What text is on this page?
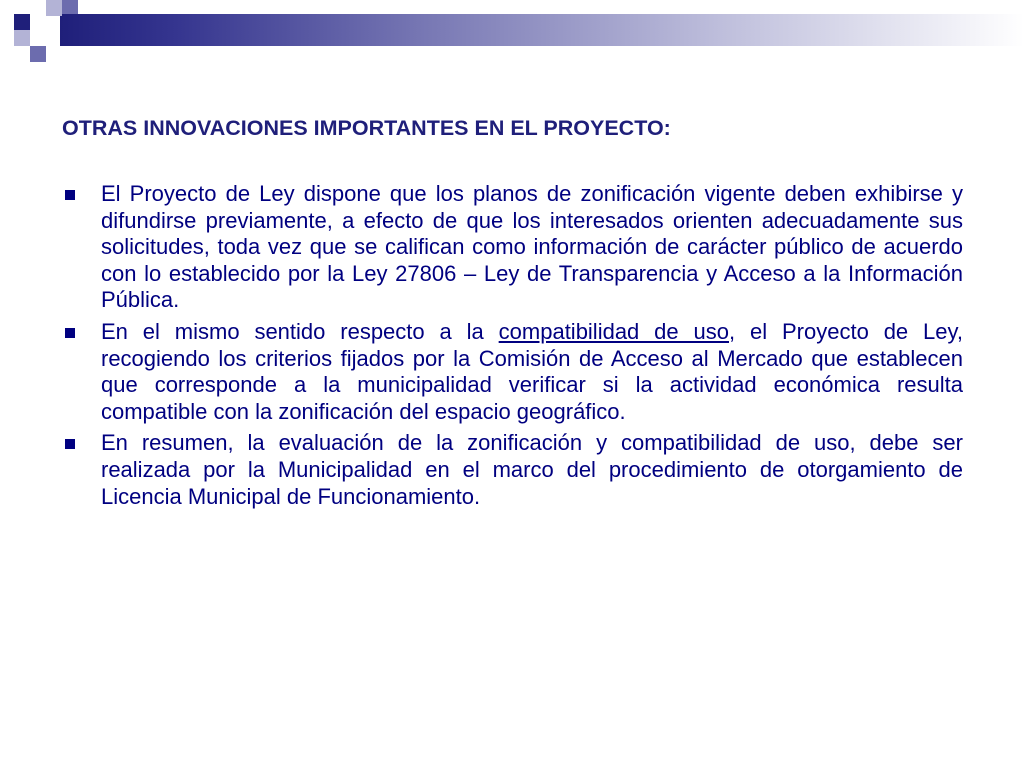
OTRAS INNOVACIONES IMPORTANTES EN EL PROYECTO:
El Proyecto de Ley dispone que los planos de zonificación vigente deben exhibirse y difundirse previamente, a efecto de que los interesados orienten adecuadamente sus solicitudes, toda vez que se califican como información de carácter público de acuerdo con lo establecido por la Ley 27806 – Ley de Transparencia y Acceso a la Información Pública.
En el mismo sentido respecto a la compatibilidad de uso, el Proyecto de Ley, recogiendo los criterios fijados por la Comisión de Acceso al Mercado que establecen que corresponde a la municipalidad verificar si la actividad económica resulta compatible con la zonificación del espacio geográfico.
En resumen, la evaluación de la zonificación y compatibilidad de uso, debe ser realizada por la Municipalidad en el marco del procedimiento de otorgamiento de Licencia Municipal de Funcionamiento.
